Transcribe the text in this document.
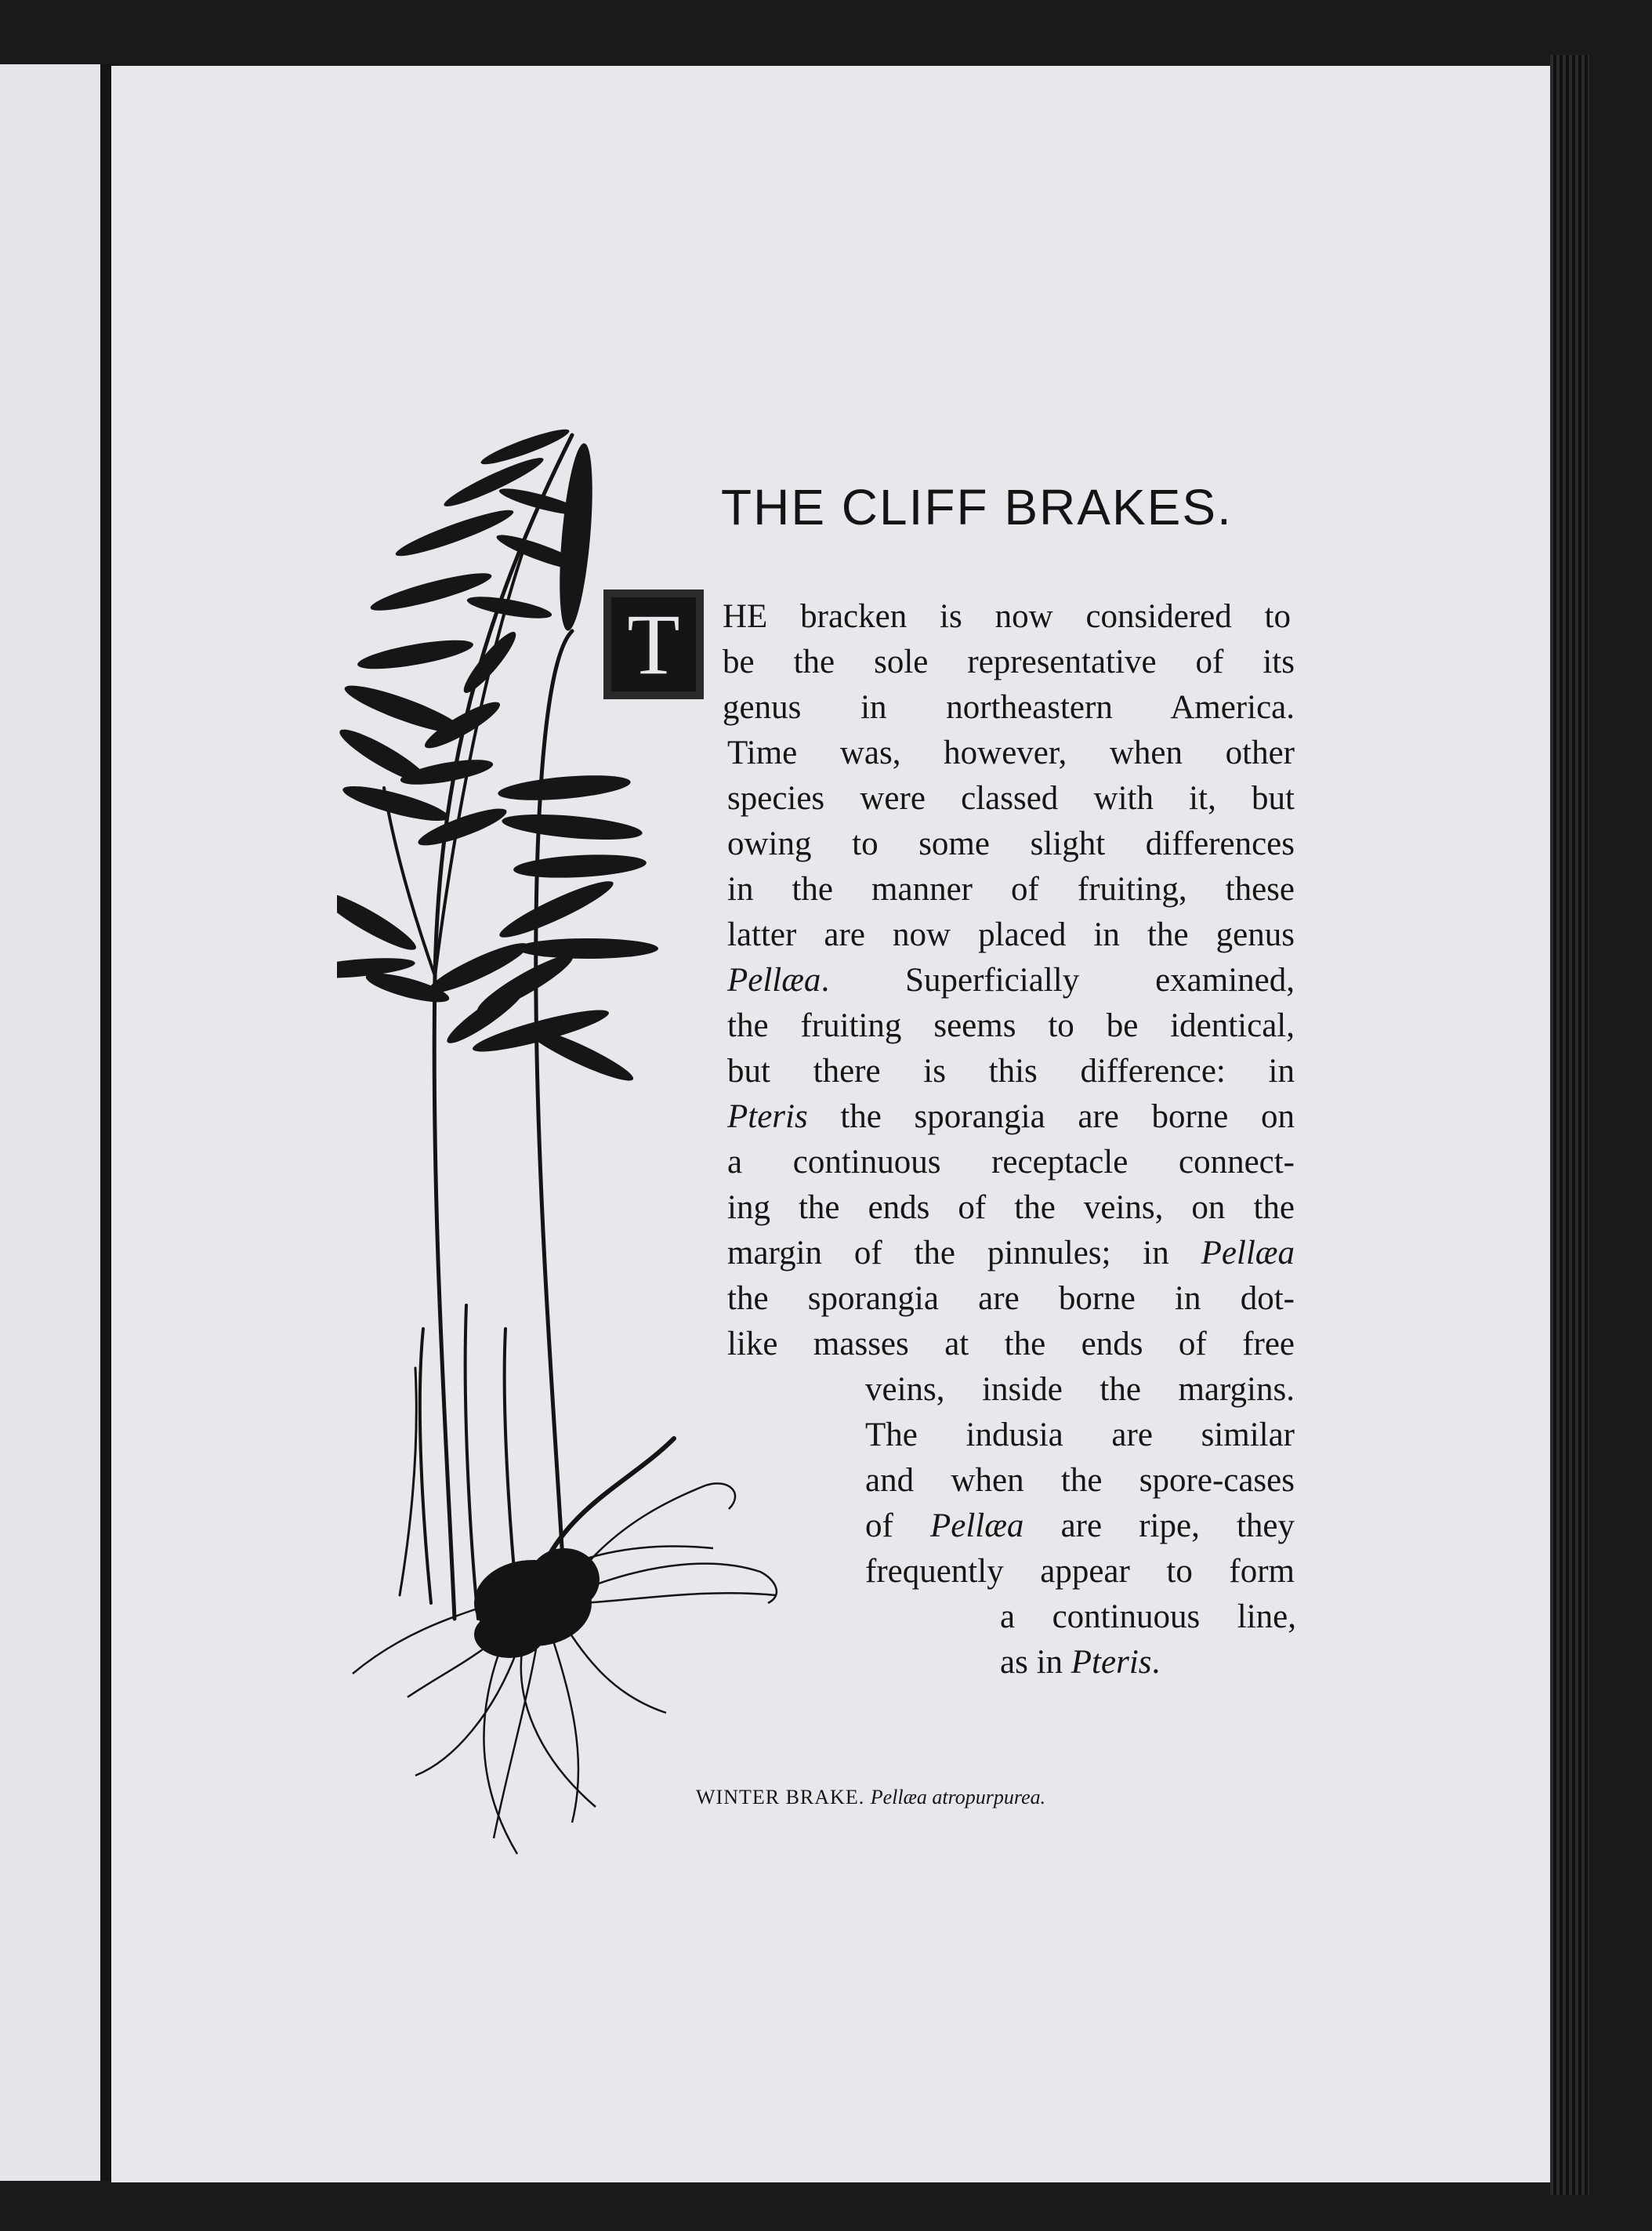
THE CLIFF BRAKES.
T	HE bracken is now considered to

be the sole representative of its

genus in northeastern America.

Time was, however, when other

species were classed with it, but

owing to some slight differences

in the manner of fruiting, these

latter are now placed in the genus

Pellæa. Superficially examined,

the fruiting seems to be identical,

but there is this difference: in

Pteris the sporangia are borne on

a continuous receptacle connect-

ing the ends of the veins, on the

margin of the pinnules; in Pellæa

the sporangia are borne in dot-

like masses at the ends of free

veins, inside the margins.

The indusia are similar

and when the spore-cases

of Pellæa are ripe, they

frequently appear to form

a continuous line,

as in Pteris.

WINTER BRAKE. Pellæa atropurpurea.
